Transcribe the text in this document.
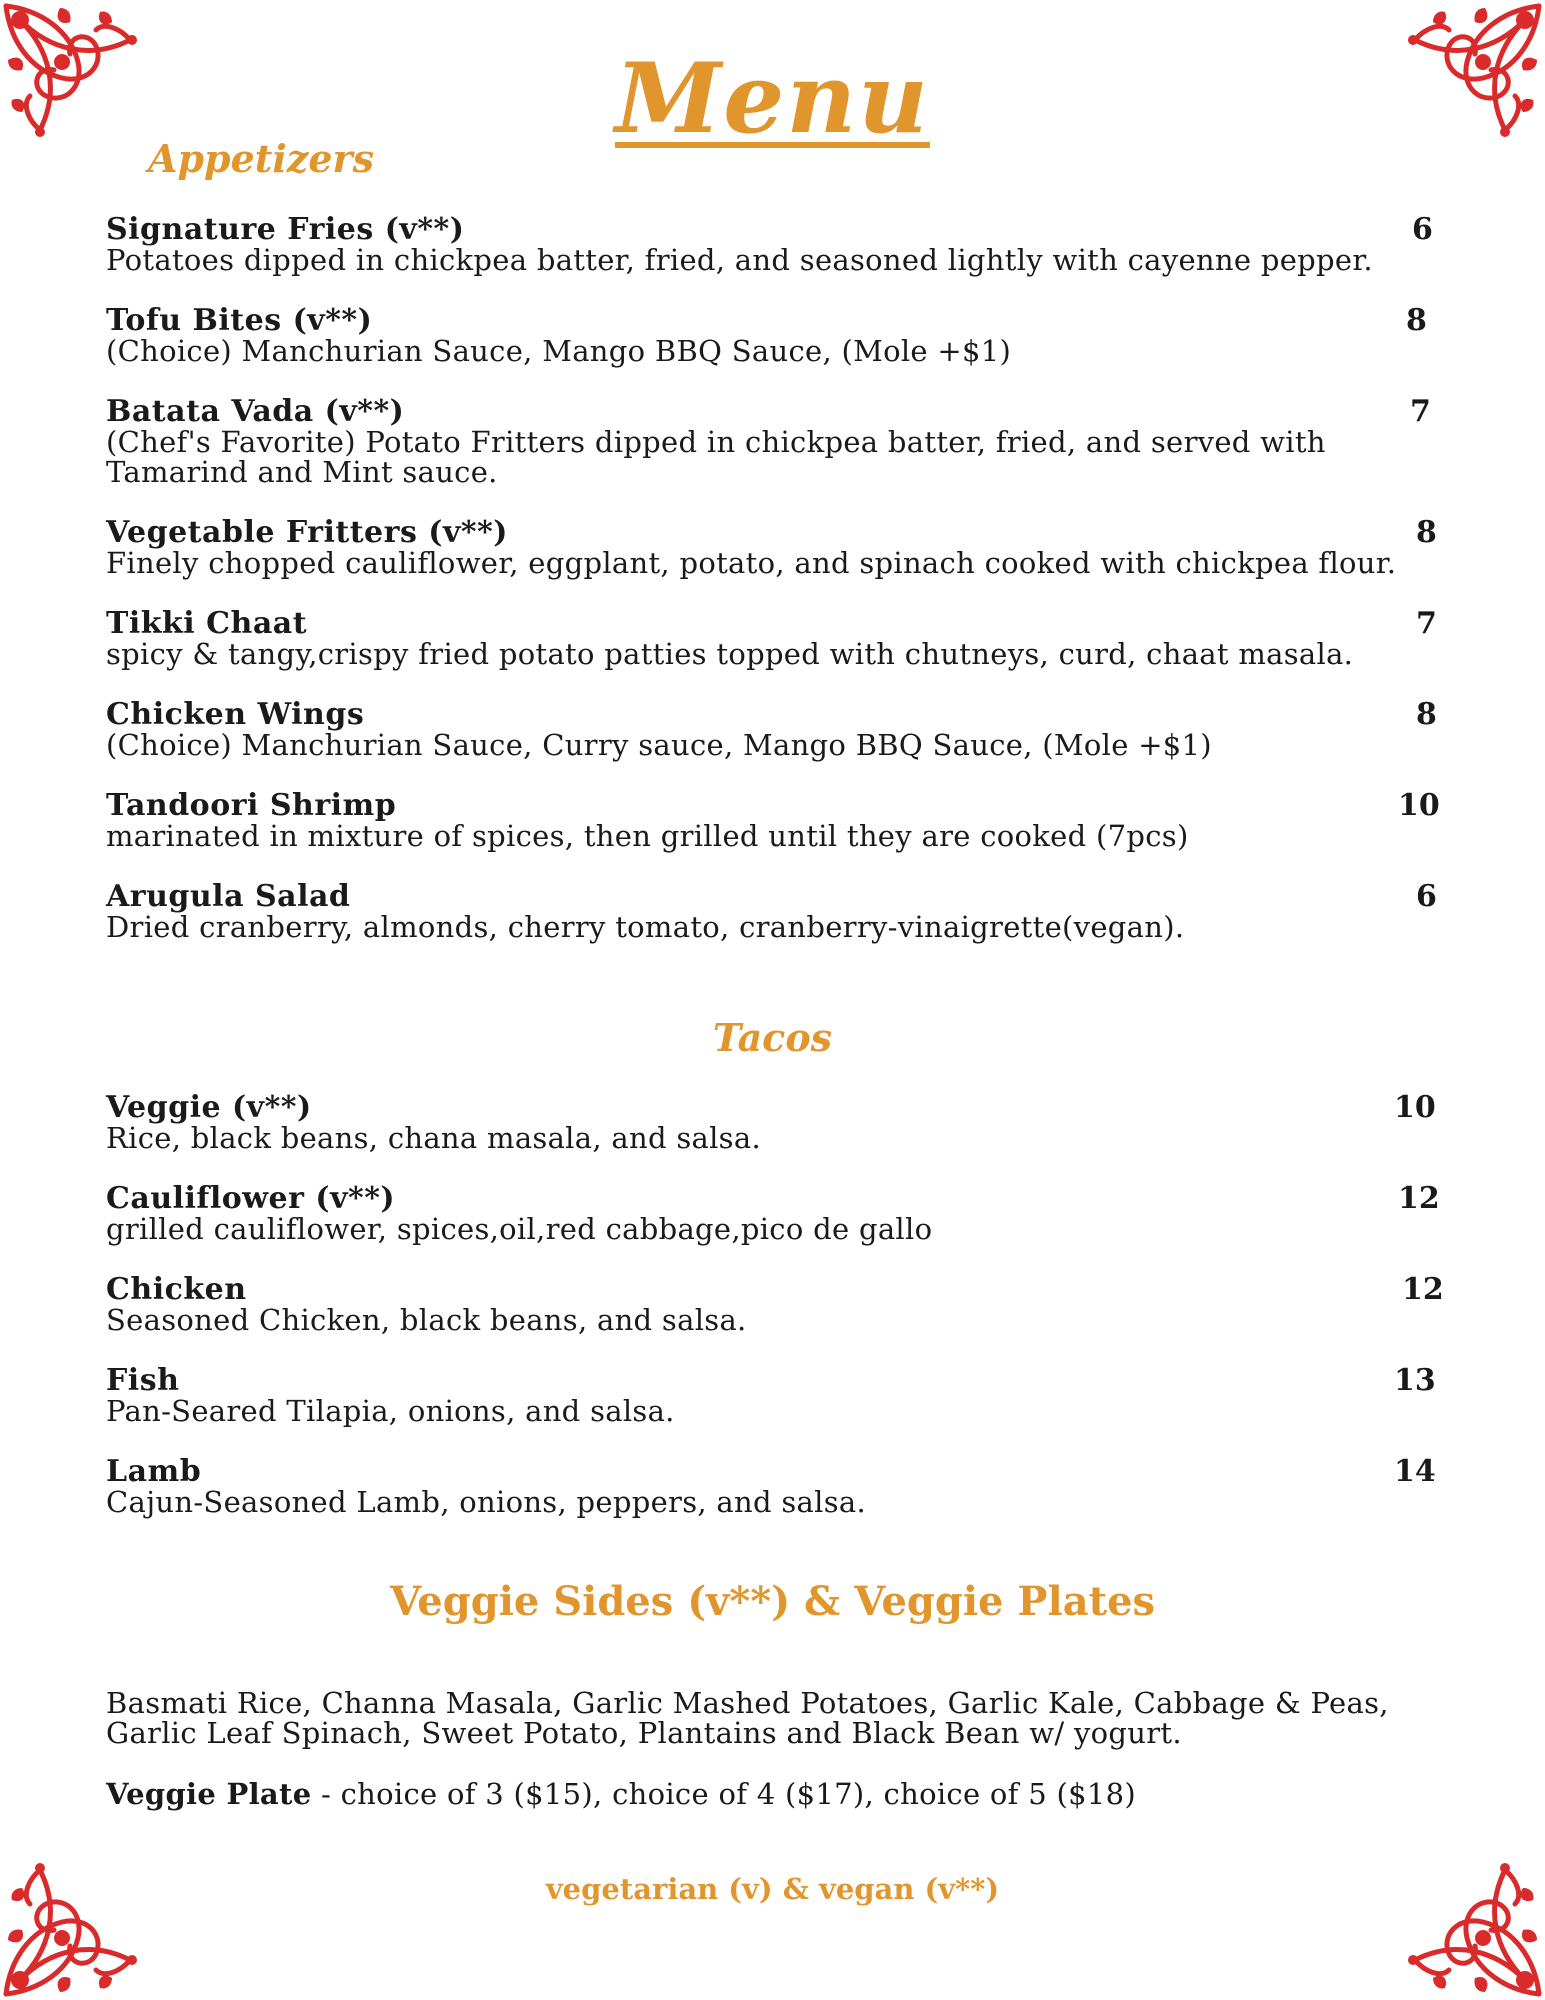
Menu
Appetizers
Signature Fries (v**)
Potatoes dipped in chickpea batter, fried, and seasoned lightly with cayenne pepper.
6
Tofu Bites (v**)
(Choice) Manchurian Sauce, Mango BBQ Sauce, (Mole +$1)
8
Batata Vada (v**)
(Chef's Favorite) Potato Fritters dipped in chickpea batter, fried, and served with Tamarind and Mint sauce.
7
Vegetable Fritters (v**)
Finely chopped cauliflower, eggplant, potato, and spinach cooked with chickpea flour.
8
Tikki Chaat
spicy & tangy,crispy fried potato patties topped with chutneys, curd, chaat masala.
7
Chicken Wings
(Choice) Manchurian Sauce, Curry sauce, Mango BBQ Sauce, (Mole +$1)
8
Tandoori Shrimp
marinated in mixture of spices, then grilled until they are cooked (7pcs)
10
Arugula Salad
Dried cranberry, almonds, cherry tomato, cranberry-vinaigrette(vegan).
6
Tacos
Veggie (v**)
Rice, black beans, chana masala, and salsa.
10
Cauliflower (v**)
grilled cauliflower, spices,oil,red cabbage,pico de gallo
12
Chicken
Seasoned Chicken, black beans, and salsa.
12
Fish
Pan-Seared Tilapia, onions, and salsa.
13
Lamb
Cajun-Seasoned Lamb, onions, peppers, and salsa.
14
Veggie Sides (v**) & Veggie Plates
Basmati Rice, Channa Masala, Garlic Mashed Potatoes, Garlic Kale, Cabbage & Peas, Garlic Leaf Spinach, Sweet Potato, Plantains and Black Bean w/ yogurt.
Veggie Plate - choice of 3 ($15), choice of 4 ($17), choice of 5 ($18)
vegetarian (v) & vegan (v**)
